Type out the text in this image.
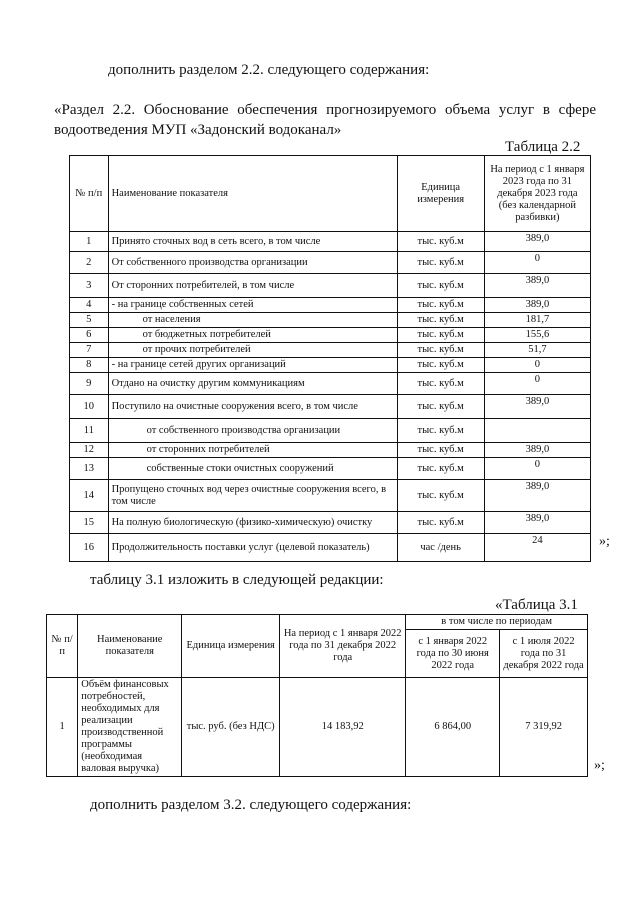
дополнить разделом 2.2. следующего содержания:

«Раздел 2.2. Обоснование обеспечения прогнозируемого объема услуг в сфере водоотведения МУП «Задонский водоканал»

Таблица 2.2
№ п/п	Наименование показателя	Единица измерения	На период с 1 января 2023 года по 31 декабря 2023 года (без календарной разбивки)
1	Принято сточных вод в сеть всего, в том числе	тыс. куб.м	389,0
2	От собственного производства организации	тыс. куб.м	0
3	От сторонних потребителей, в том числе	тыс. куб.м	389,0
4	- на границе собственных сетей	тыс. куб.м	389,0
5	от населения	тыс. куб.м	181,7
6	от бюджетных потребителей	тыс. куб.м	155,6
7	от прочих потребителей	тыс. куб.м	51,7
8	- на границе сетей других организаций	тыс. куб.м	0
9	Отдано на очистку другим коммуникациям	тыс. куб.м	0
10	Поступило на очистные сооружения всего, в том числе	тыс. куб.м	389,0
11	от собственного производства организации	тыс. куб.м	
12	от сторонних потребителей	тыс. куб.м	389,0
13	собственные стоки очистных сооружений	тыс. куб.м	0
14	Пропущено сточных вод через очистные сооружения всего, в том числе	тыс. куб.м	389,0
15	На полную биологическую (физико-химическую) очистку	тыс. куб.м	389,0
16	Продолжительность поставки услуг (целевой показатель)	час /день	24	»;

таблицу 3.1 изложить в следующей редакции:

«Таблица 3.1
№ п/п	Наименование показателя	Единица измерения	На период с 1 января 2022 года по 31 декабря 2022 года	в том числе по периодам	
				с 1 января 2022 года по 30 июня 2022 года	с 1 июля 2022 года по 31 декабря 2022 года
1	Объём финансовых потребностей, необходимых для реализации производственной программы (необходимая валовая выручка)	тыс. руб. (без НДС)	14 183,92	6 864,00	7 319,92
»;

дополнить разделом 3.2. следующего содержания:
